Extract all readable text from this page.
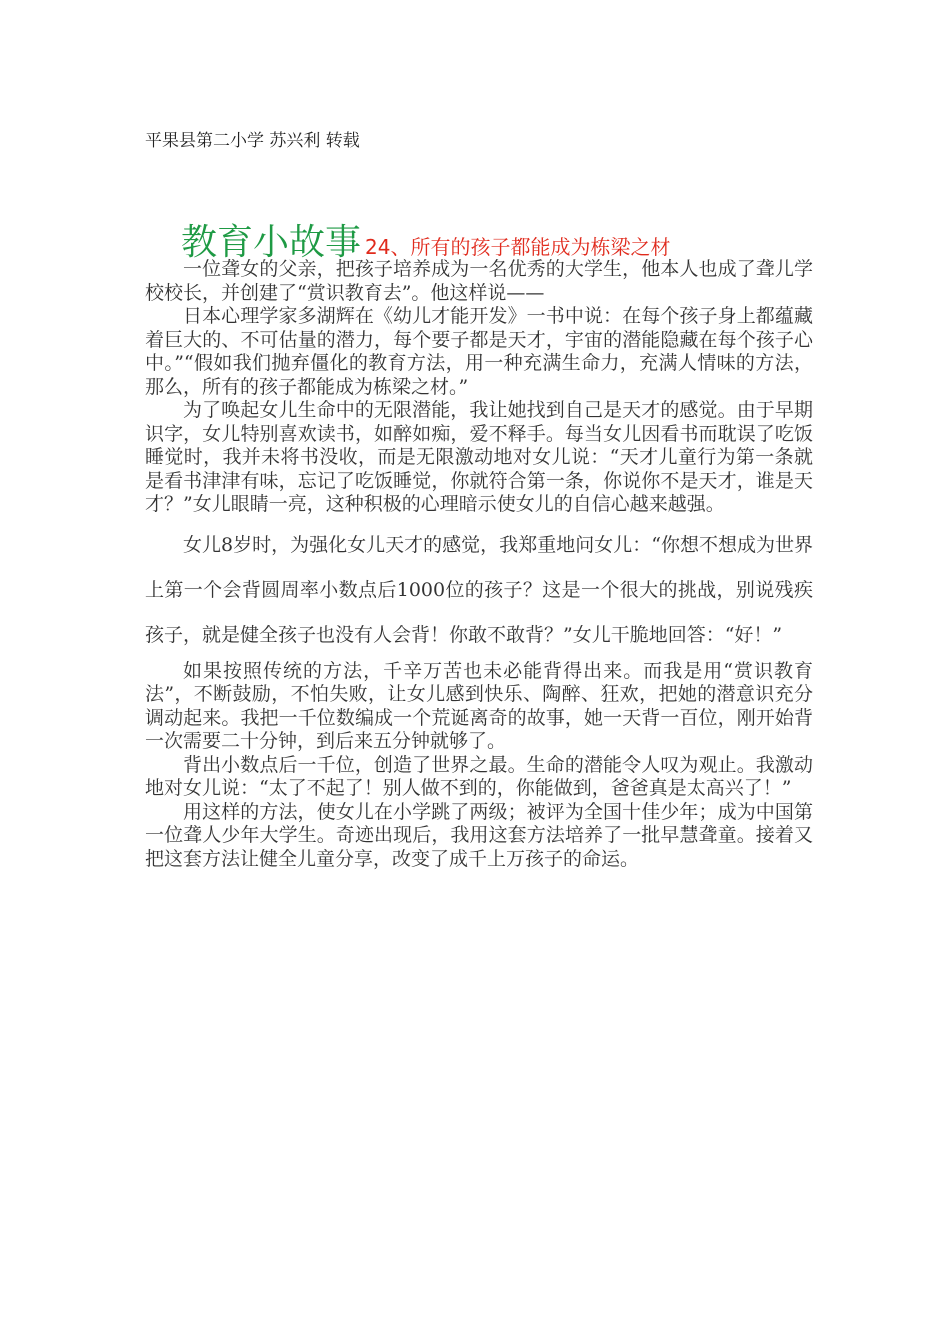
平果县第二小学 苏兴利 转载
教育小故事 24、所有的孩子都能成为栋梁之材

一位聋女的父亲，把孩子培养成为一名优秀的大学生，他本人也成了聋儿学校校长，并创建了“赏识教育去”。他这样说——

日本心理学家多湖辉在《幼儿才能开发》一书中说：在每个孩子身上都蕴藏着巨大的、不可估量的潜力，每个要子都是天才，宇宙的潜能隐藏在每个孩子心中。”“假如我们抛弃僵化的教育方法，用一种充满生命力，充满人情味的方法，那么，所有的孩子都能成为栋梁之材。”

为了唤起女儿生命中的无限潜能，我让她找到自己是天才的感觉。由于早期识字，女儿特别喜欢读书，如醉如痴，爱不释手。每当女儿因看书而耽误了吃饭睡觉时，我并未将书没收，而是无限激动地对女儿说：“天才儿童行为第一条就是看书津津有味，忘记了吃饭睡觉，你就符合第一条，你说你不是天才，谁是天才？”女儿眼睛一亮，这种积极的心理暗示使女儿的自信心越来越强。

女儿8岁时，为强化女儿天才的感觉，我郑重地问女儿：“你想不想成为世界上第一个会背圆周率小数点后1000位的孩子？这是一个很大的挑战，别说残疾孩子，就是健全孩子也没有人会背！你敢不敢背？”女儿干脆地回答：“好！”

如果按照传统的方法，千辛万苦也未必能背得出来。而我是用“赏识教育法”，不断鼓励，不怕失败，让女儿感到快乐、陶醉、狂欢，把她的潜意识充分调动起来。我把一千位数编成一个荒诞离奇的故事，她一天背一百位，刚开始背一次需要二十分钟，到后来五分钟就够了。

背出小数点后一千位，创造了世界之最。生命的潜能令人叹为观止。我激动地对女儿说：“太了不起了！别人做不到的，你能做到，爸爸真是太高兴了！”

用这样的方法，使女儿在小学跳了两级；被评为全国十佳少年；成为中国第一位聋人少年大学生。奇迹出现后，我用这套方法培养了一批早慧聋童。接着又把这套方法让健全儿童分享，改变了成千上万孩子的命运。
